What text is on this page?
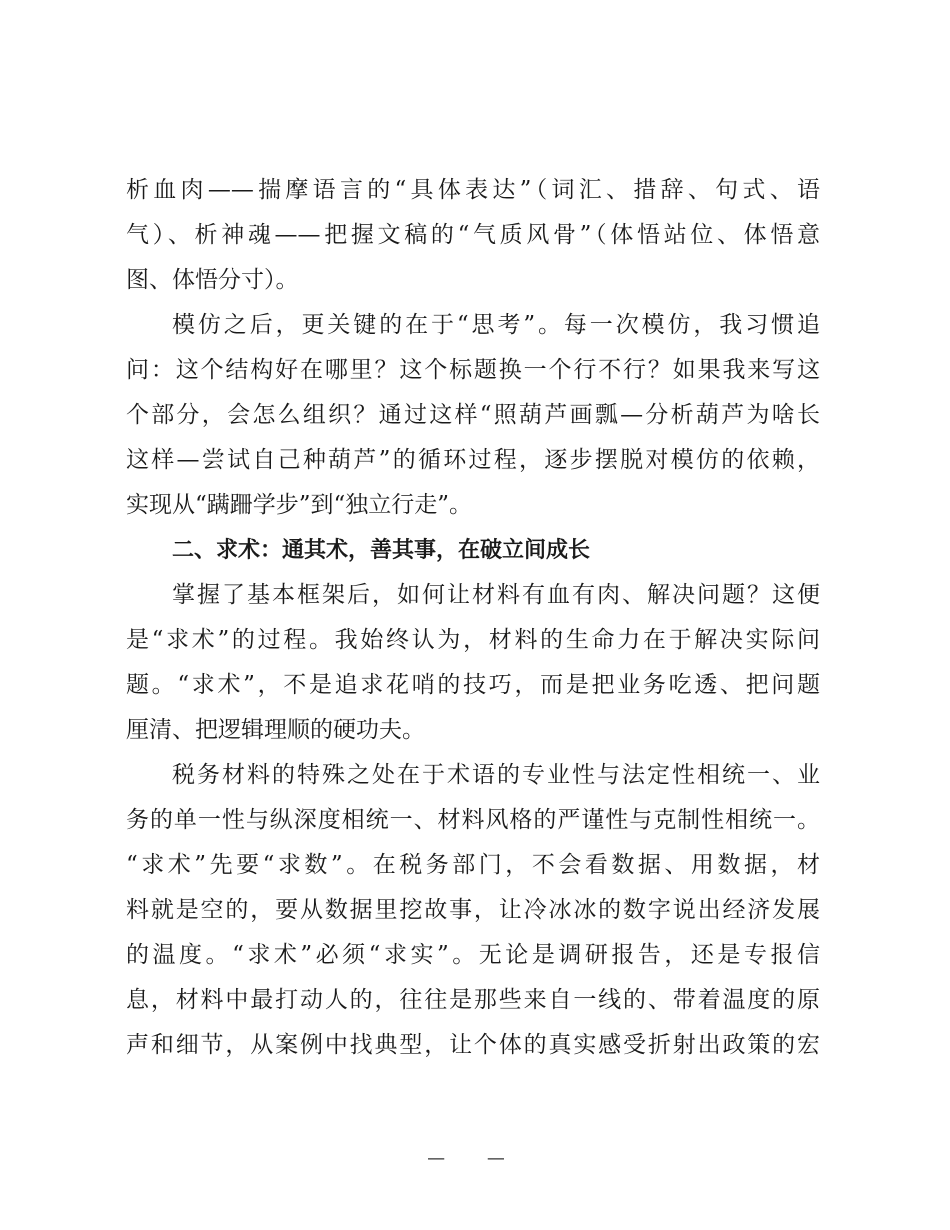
析血肉——揣摩语言的“具体表达”（词汇、措辞、句式、语
气）、析神魂——把握文稿的“气质风骨”（体悟站位、体悟意
图、体悟分寸）。
模仿之后，更关键的在于“思考”。每一次模仿，我习惯追
问：这个结构好在哪里？这个标题换一个行不行？如果我来写这
个部分，会怎么组织？通过这样“照葫芦画瓢—分析葫芦为啥长
这样—尝试自己种葫芦”的循环过程，逐步摆脱对模仿的依赖，
实现从“蹒跚学步”到“独立行走”。
二、求术：通其术，善其事，在破立间成长
掌握了基本框架后，如何让材料有血有肉、解决问题？这便
是“求术”的过程。我始终认为，材料的生命力在于解决实际问
题。“求术”，不是追求花哨的技巧，而是把业务吃透、把问题
厘清、把逻辑理顺的硬功夫。
税务材料的特殊之处在于术语的专业性与法定性相统一、业
务的单一性与纵深度相统一、材料风格的严谨性与克制性相统一。
“求术”先要“求数”。在税务部门，不会看数据、用数据，材
料就是空的，要从数据里挖故事，让冷冰冰的数字说出经济发展
的温度。“求术”必须“求实”。无论是调研报告，还是专报信
息，材料中最打动人的，往往是那些来自一线的、带着温度的原
声和细节，从案例中找典型，让个体的真实感受折射出政策的宏
— —
